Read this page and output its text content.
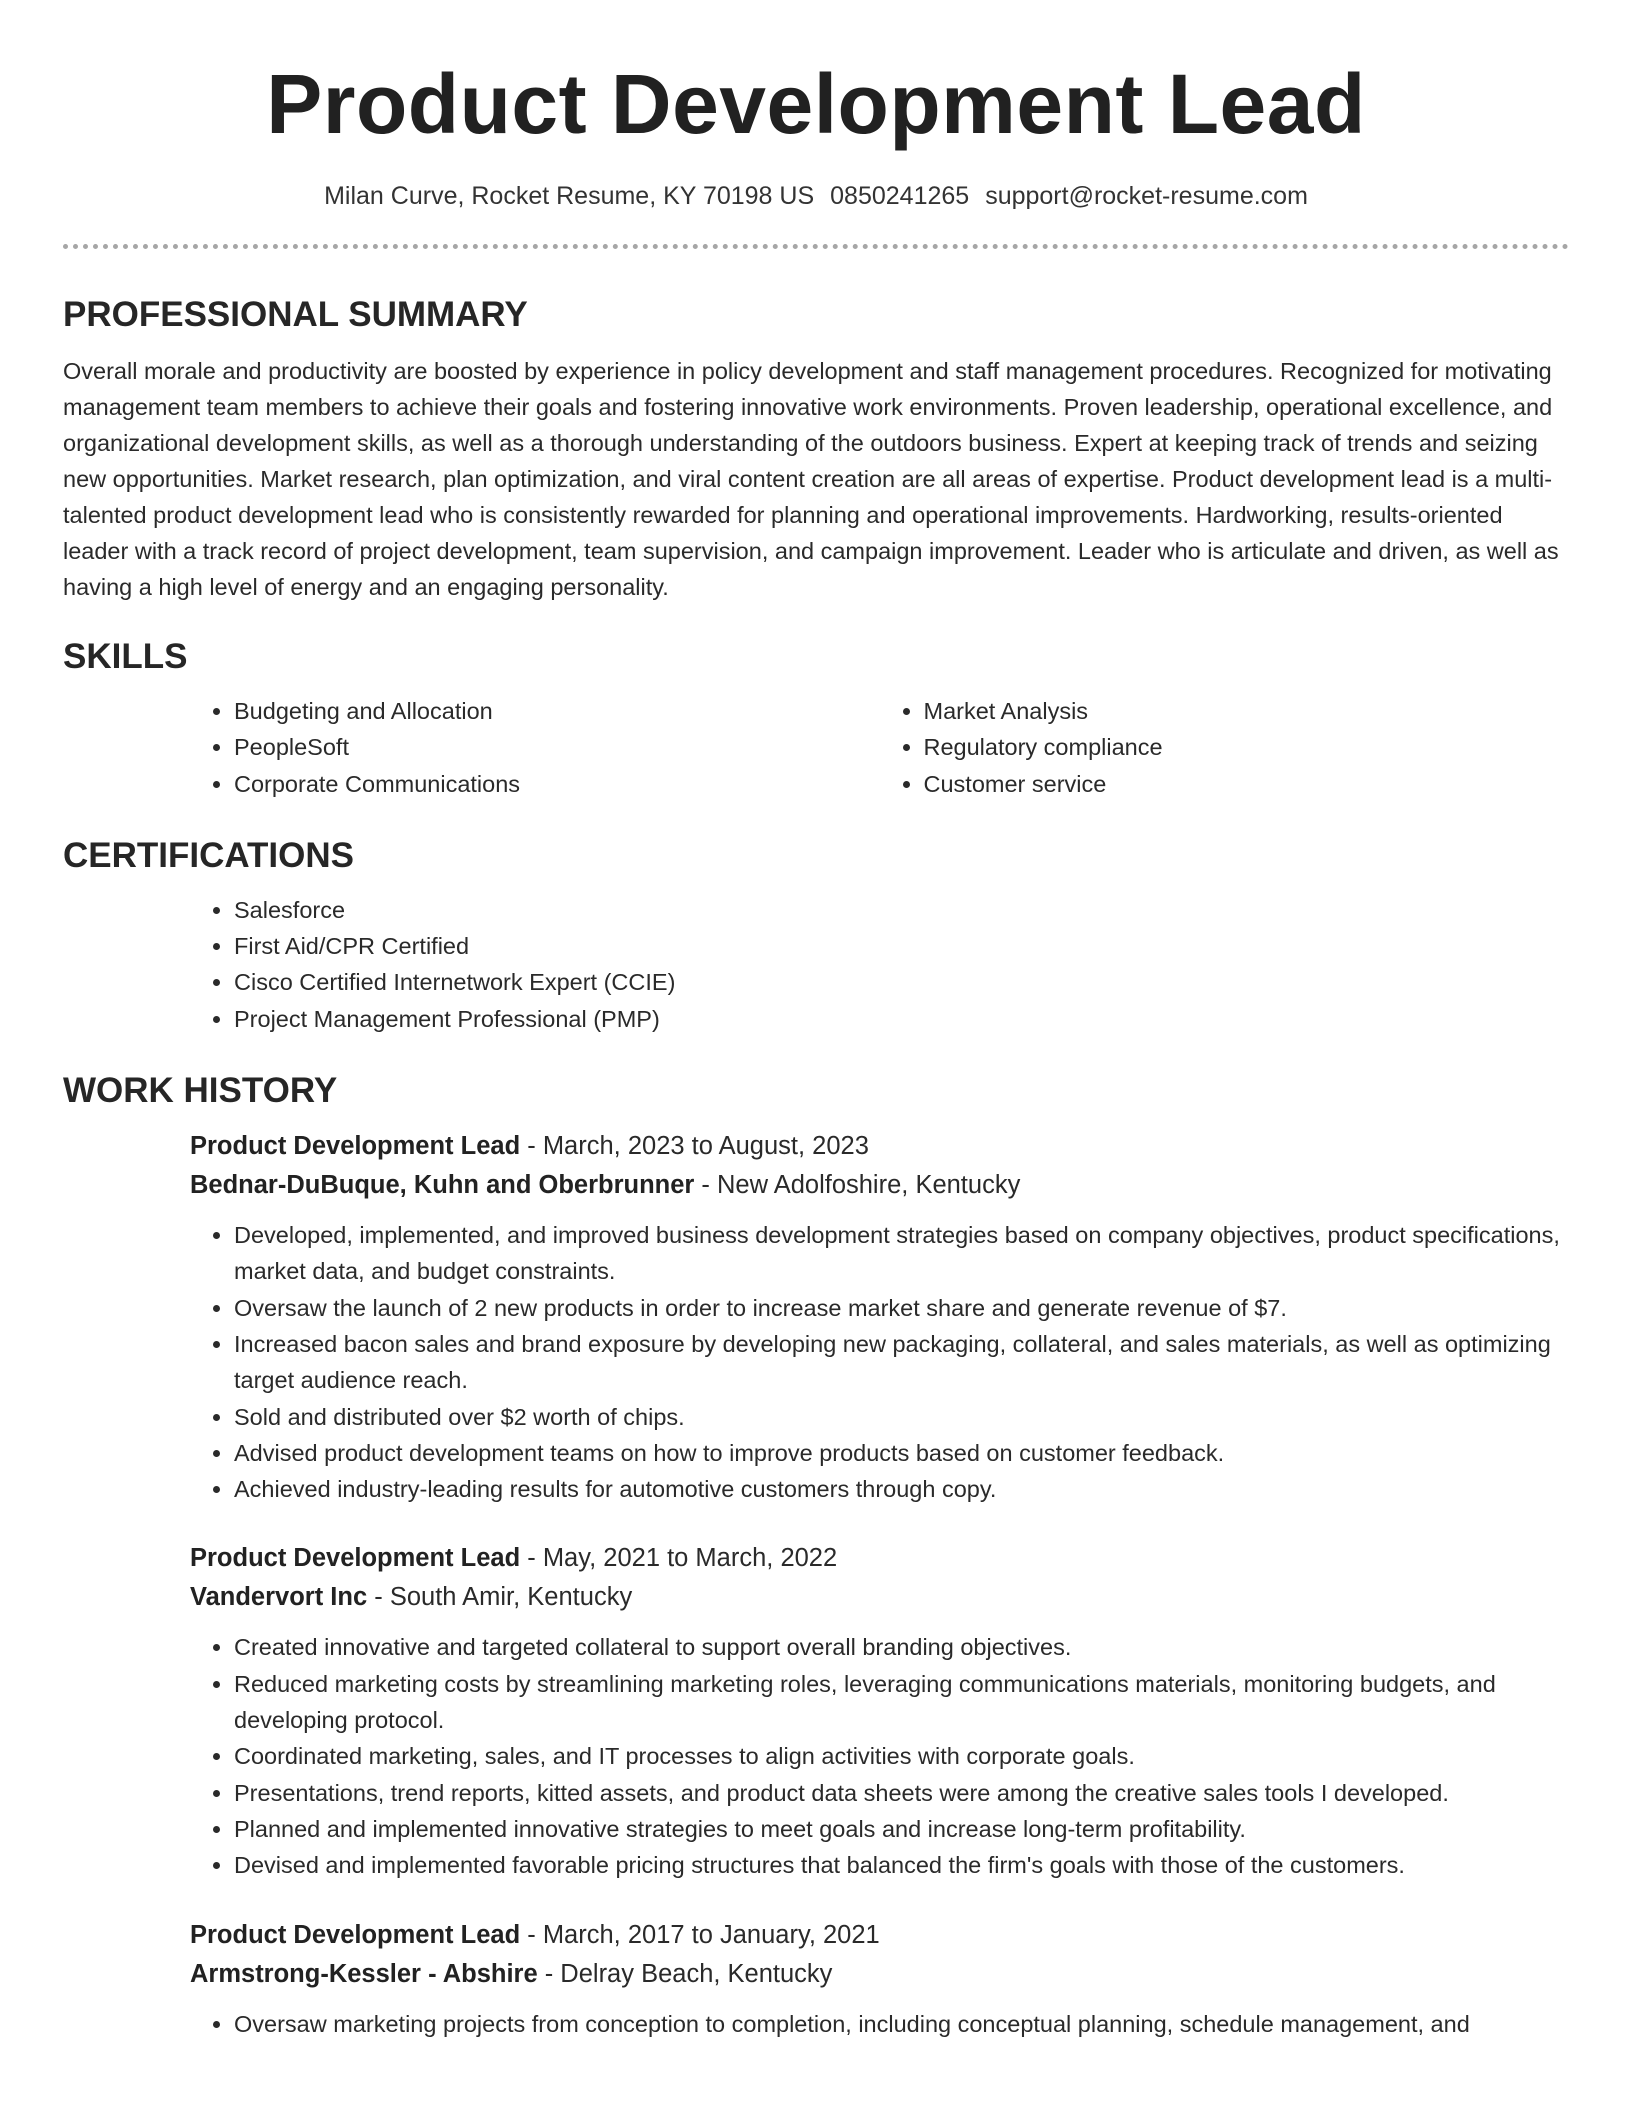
Product Development Lead
Milan Curve, Rocket Resume, KY 70198 US 0850241265 support@rocket-resume.com
PROFESSIONAL SUMMARY

Overall morale and productivity are boosted by experience in policy development and staff management procedures. Recognized for motivating management team members to achieve their goals and fostering innovative work environments. Proven leadership, operational excellence, and organizational development skills, as well as a thorough understanding of the outdoors business. Expert at keeping track of trends and seizing new opportunities. Market research, plan optimization, and viral content creation are all areas of expertise. Product development lead is a multi-talented product development lead who is consistently rewarded for planning and operational improvements. Hardworking, results-oriented leader with a track record of project development, team supervision, and campaign improvement. Leader who is articulate and driven, as well as having a high level of energy and an engaging personality.

SKILLS
• Budgeting and Allocation
• PeopleSoft
• Corporate Communications
• Market Analysis
• Regulatory compliance
• Customer service
CERTIFICATIONS
• Salesforce
• First Aid/CPR Certified
• Cisco Certified Internetwork Expert (CCIE)
• Project Management Professional (PMP)
WORK HISTORY
Product Development Lead - March, 2023 to August, 2023
Bednar-DuBuque, Kuhn and Oberbrunner - New Adolfoshire, Kentucky
• Developed, implemented, and improved business development strategies based on company objectives, product specifications, market data, and budget constraints.
• Oversaw the launch of 2 new products in order to increase market share and generate revenue of $7.
• Increased bacon sales and brand exposure by developing new packaging, collateral, and sales materials, as well as optimizing target audience reach.
• Sold and distributed over $2 worth of chips.
• Advised product development teams on how to improve products based on customer feedback.
• Achieved industry-leading results for automotive customers through copy.
Product Development Lead - May, 2021 to March, 2022
Vandervort Inc - South Amir, Kentucky
• Created innovative and targeted collateral to support overall branding objectives.
• Reduced marketing costs by streamlining marketing roles, leveraging communications materials, monitoring budgets, and developing protocol.
• Coordinated marketing, sales, and IT processes to align activities with corporate goals.
• Presentations, trend reports, kitted assets, and product data sheets were among the creative sales tools I developed.
• Planned and implemented innovative strategies to meet goals and increase long-term profitability.
• Devised and implemented favorable pricing structures that balanced the firm's goals with those of the customers.
Product Development Lead - March, 2017 to January, 2021
Armstrong-Kessler - Abshire - Delray Beach, Kentucky
• Oversaw marketing projects from conception to completion, including conceptual planning, schedule management, and
